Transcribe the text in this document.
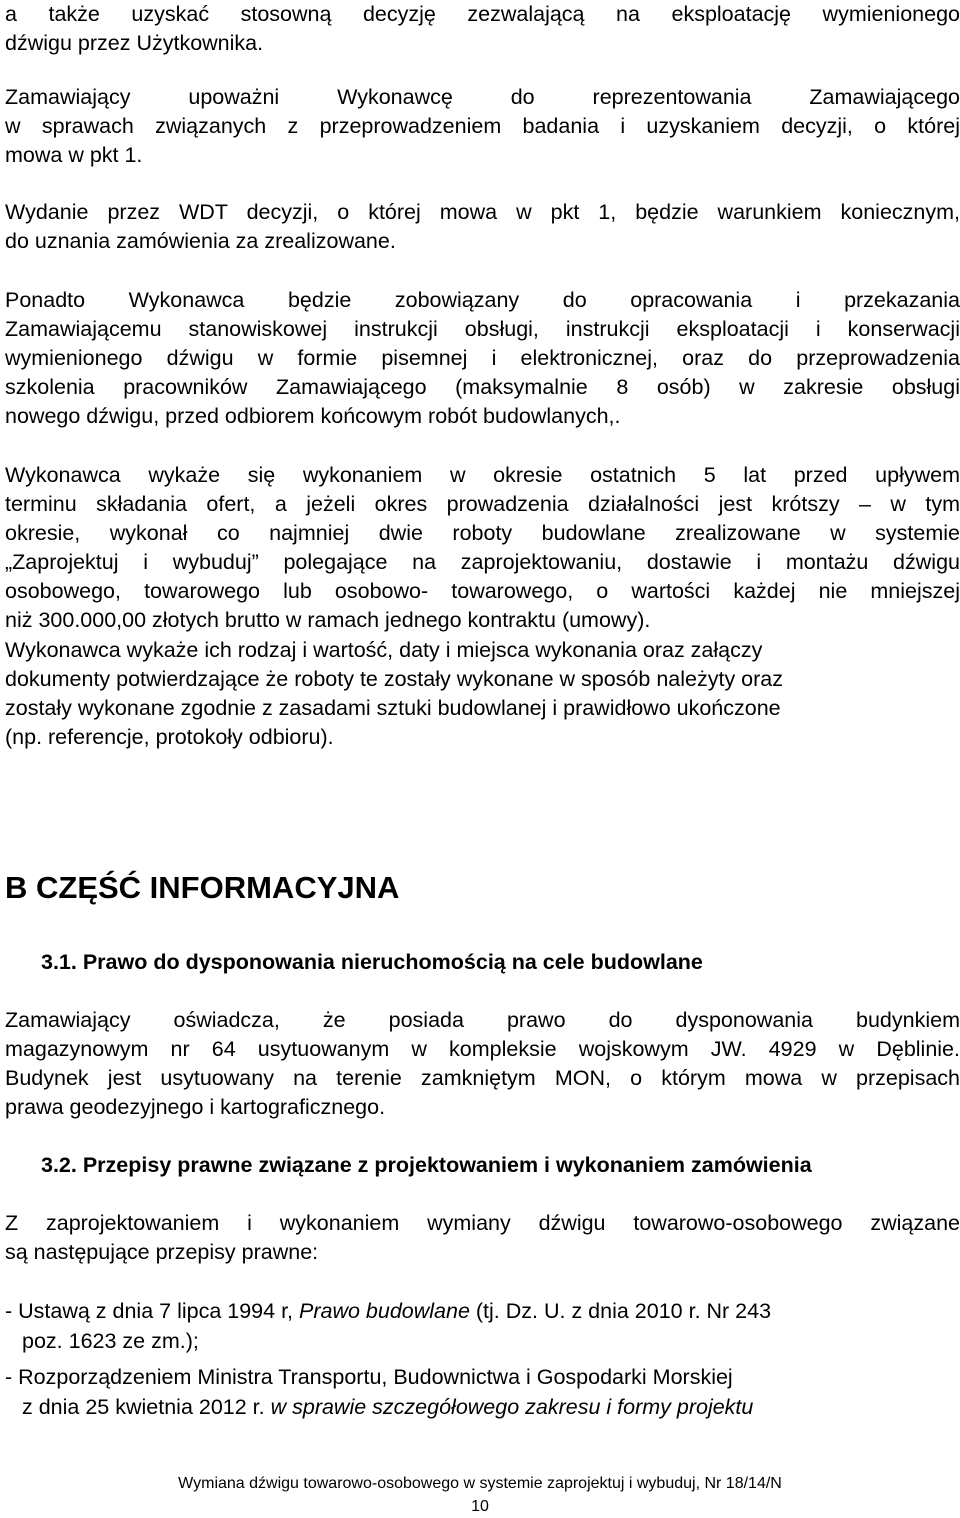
a także uzyskać stosowną decyzję zezwalającą na eksploatację wymienionego
dźwigu przez Użytkownika.
Zamawiający upoważni Wykonawcę do reprezentowania Zamawiającego
w sprawach związanych z przeprowadzeniem badania i uzyskaniem decyzji, o której
mowa w pkt 1.
Wydanie przez WDT decyzji, o której mowa w pkt 1, będzie warunkiem koniecznym,
do uznania zamówienia za zrealizowane.
Ponadto Wykonawca będzie zobowiązany do opracowania i przekazania
Zamawiającemu stanowiskowej instrukcji obsługi, instrukcji eksploatacji i konserwacji
wymienionego dźwigu w formie pisemnej i elektronicznej, oraz do przeprowadzenia
szkolenia pracowników Zamawiającego (maksymalnie 8 osób) w zakresie obsługi
nowego dźwigu, przed odbiorem końcowym robót budowlanych,.
Wykonawca wykaże się wykonaniem w okresie ostatnich 5 lat przed upływem
terminu składania ofert, a jeżeli okres prowadzenia działalności jest krótszy – w tym
okresie, wykonał co najmniej dwie roboty budowlane zrealizowane w systemie
„Zaprojektuj i wybuduj” polegające na zaprojektowaniu, dostawie i montażu dźwigu
osobowego, towarowego lub osobowo- towarowego, o wartości każdej nie mniejszej
niż 300.000,00 złotych brutto w ramach jednego kontraktu (umowy).
Wykonawca wykaże ich rodzaj i wartość, daty i miejsca wykonania oraz załączy
dokumenty potwierdzające że roboty te zostały wykonane w sposób należyty oraz
zostały wykonane zgodnie z zasadami sztuki budowlanej i prawidłowo ukończone
(np. referencje, protokoły odbioru).
B CZĘŚĆ INFORMACYJNA
3.1. Prawo do dysponowania nieruchomością na cele budowlane
Zamawiający oświadcza, że posiada prawo do dysponowania budynkiem
magazynowym nr 64 usytuowanym w kompleksie wojskowym JW. 4929 w Dęblinie.
Budynek jest usytuowany na terenie zamkniętym MON, o którym mowa w przepisach
prawa geodezyjnego i kartograficznego.
3.2. Przepisy prawne związane z projektowaniem i wykonaniem zamówienia
Z zaprojektowaniem i wykonaniem wymiany dźwigu towarowo-osobowego związane
są następujące przepisy prawne:
- Ustawą z dnia 7 lipca 1994 r, Prawo budowlane (tj. Dz. U. z dnia 2010 r. Nr 243
poz. 1623 ze zm.);
- Rozporządzeniem Ministra Transportu, Budownictwa i Gospodarki Morskiej
z dnia 25 kwietnia 2012 r. w sprawie szczegółowego zakresu i formy projektu
Wymiana dźwigu towarowo-osobowego w systemie zaprojektuj i wybuduj, Nr 18/14/N
10
